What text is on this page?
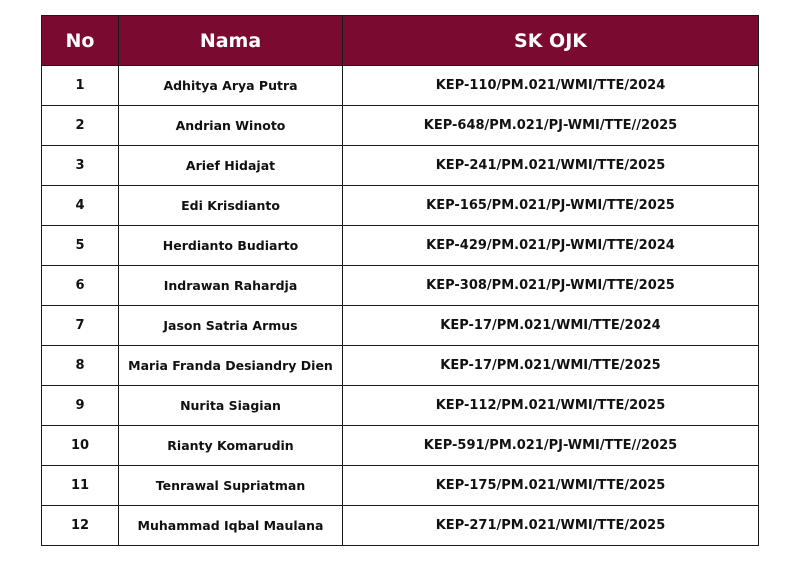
No	Nama	SK OJK
1	Adhitya Arya Putra	KEP-110/PM.021/WMI/TTE/2024
2	Andrian Winoto	KEP-648/PM.021/PJ-WMI/TTE//2025
3	Arief Hidajat	KEP-241/PM.021/WMI/TTE/2025
4	Edi Krisdianto	KEP-165/PM.021/PJ-WMI/TTE/2025
5	Herdianto Budiarto	KEP-429/PM.021/PJ-WMI/TTE/2024
6	Indrawan Rahardja	KEP-308/PM.021/PJ-WMI/TTE/2025
7	Jason Satria Armus	KEP-17/PM.021/WMI/TTE/2024
8	Maria Franda Desiandry Dien	KEP-17/PM.021/WMI/TTE/2025
9	Nurita Siagian	KEP-112/PM.021/WMI/TTE/2025
10	Rianty Komarudin	KEP-591/PM.021/PJ-WMI/TTE//2025
11	Tenrawal Supriatman	KEP-175/PM.021/WMI/TTE/2025
12	Muhammad Iqbal Maulana	KEP-271/PM.021/WMI/TTE/2025
